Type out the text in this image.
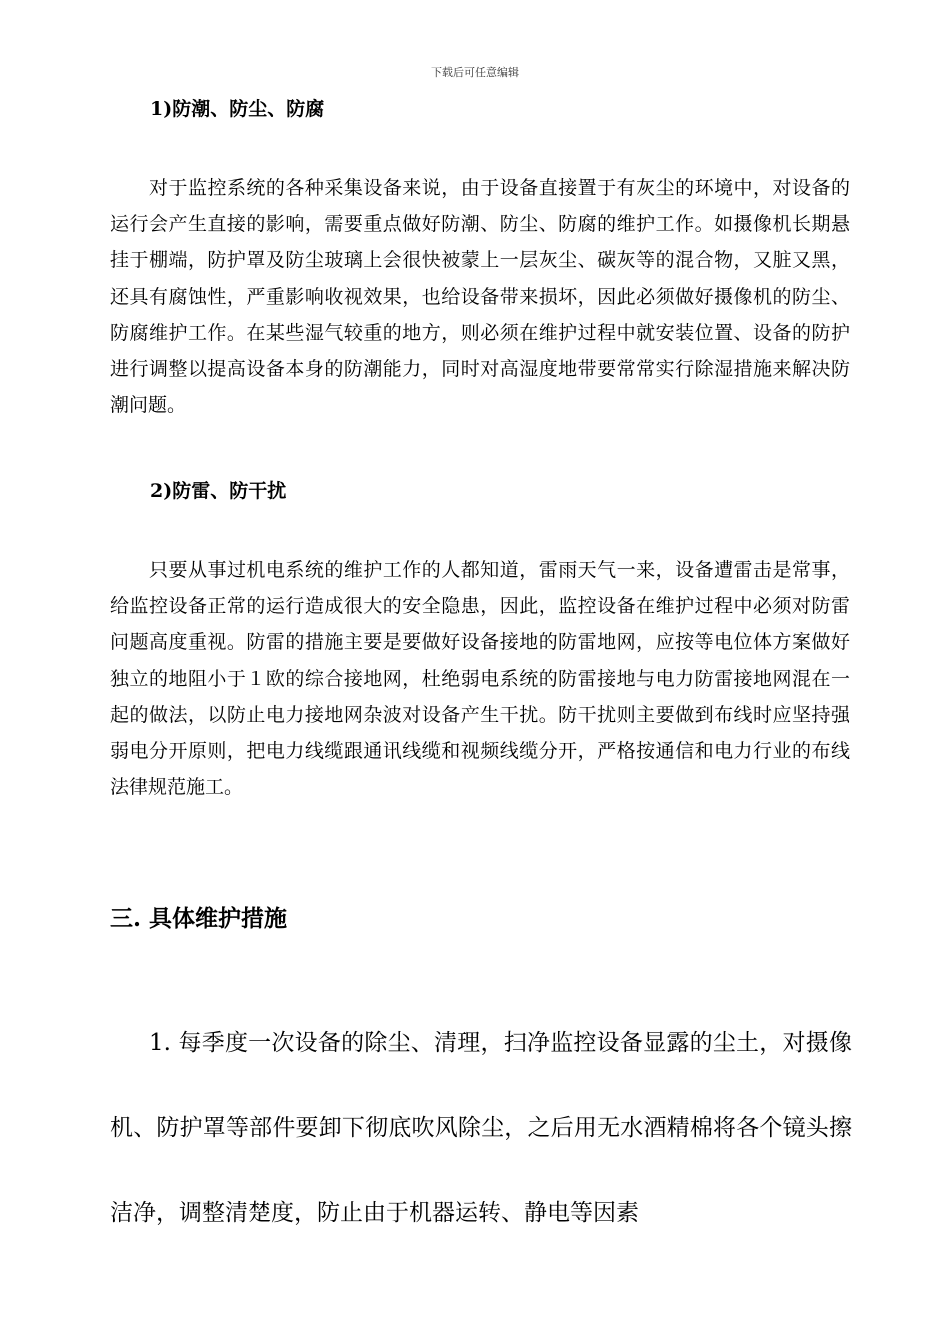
下载后可任意编辑
1)防潮、防尘、防腐
对于监控系统的各种采集设备来说，由于设备直接置于有灰尘的环境中，对设备的运行会产生直接的影响，需要重点做好防潮、防尘、防腐的维护工作。如摄像机长期悬挂于棚端，防护罩及防尘玻璃上会很快被蒙上一层灰尘、碳灰等的混合物，又脏又黑，还具有腐蚀性，严重影响收视效果，也给设备带来损坏，因此必须做好摄像机的防尘、防腐维护工作。在某些湿气较重的地方，则必须在维护过程中就安装位置、设备的防护进行调整以提高设备本身的防潮能力，同时对高湿度地带要常常实行除湿措施来解决防潮问题。
2)防雷、防干扰
只要从事过机电系统的维护工作的人都知道，雷雨天气一来，设备遭雷击是常事，给监控设备正常的运行造成很大的安全隐患，因此，监控设备在维护过程中必须对防雷问题高度重视。防雷的措施主要是要做好设备接地的防雷地网，应按等电位体方案做好独立的地阻小于１欧的综合接地网，杜绝弱电系统的防雷接地与电力防雷接地网混在一起的做法，以防止电力接地网杂波对设备产生干扰。防干扰则主要做到布线时应坚持强弱电分开原则，把电力线缆跟通讯线缆和视频线缆分开，严格按通信和电力行业的布线法律规范施工。
三. 具体维护措施
1. 每季度一次设备的除尘、清理，扫净监控设备显露的尘土，对摄像机、防护罩等部件要卸下彻底吹风除尘，之后用无水酒精棉将各个镜头擦洁净，调整清楚度，防止由于机器运转、静电等因素
